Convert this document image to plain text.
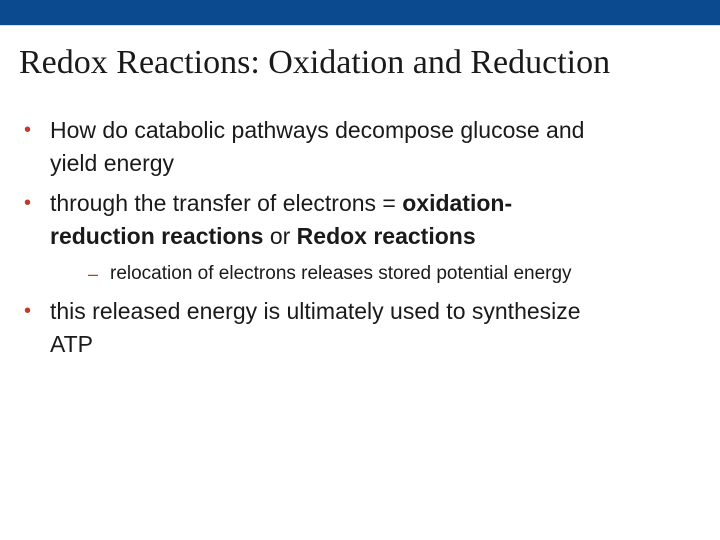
Redox Reactions: Oxidation and Reduction
• How do catabolic pathways decompose glucose and
yield energy
• through the transfer of electrons = oxidation-
reduction reactions or Redox reactions
– relocation of electrons releases stored potential energy
• this released energy is ultimately used to synthesize
ATP
